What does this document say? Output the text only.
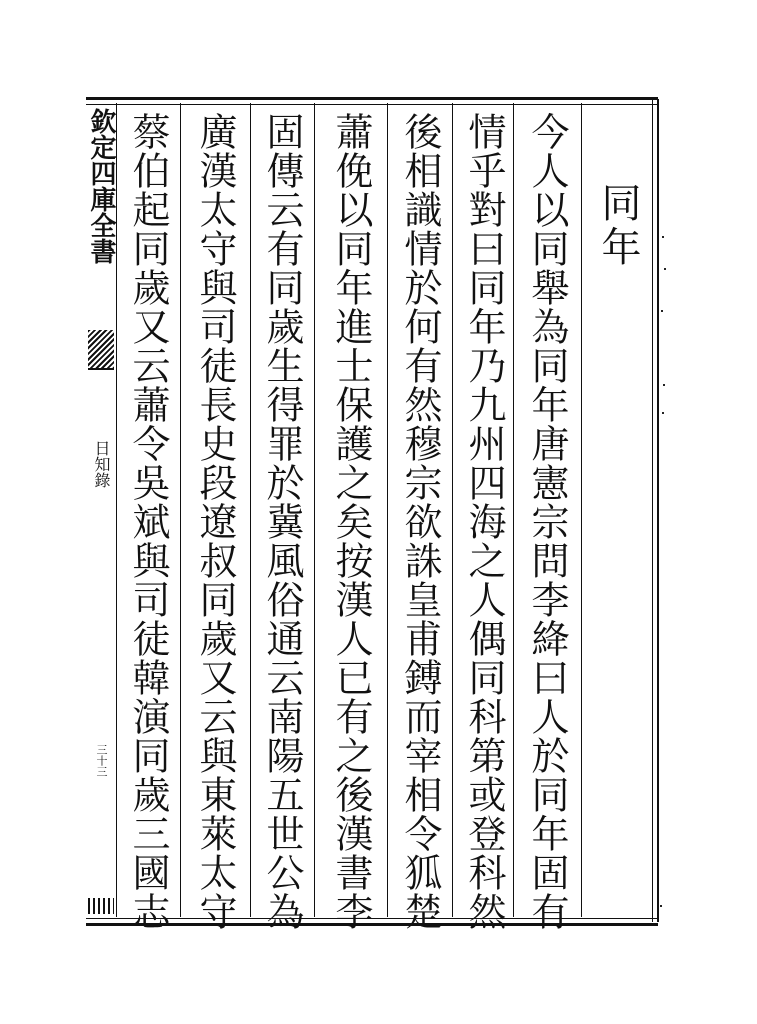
欽定四庫全書
日知錄
三十三
同年
今人以同舉為同年唐憲宗問李絳曰人於同年固有
情乎對曰同年乃九州四海之人偶同科第或登科然
後相識情於何有然穆宗欲誅皇甫鎛而宰相令狐楚
蕭俛以同年進士保護之矣按漢人已有之後漢書李
固傳云有同歲生得罪於冀風俗通云南陽五世公為
廣漢太守與司徒長史段遼叔同歲又云與東萊太守
蔡伯起同歲又云蕭令吳斌與司徒韓演同歲三國志
